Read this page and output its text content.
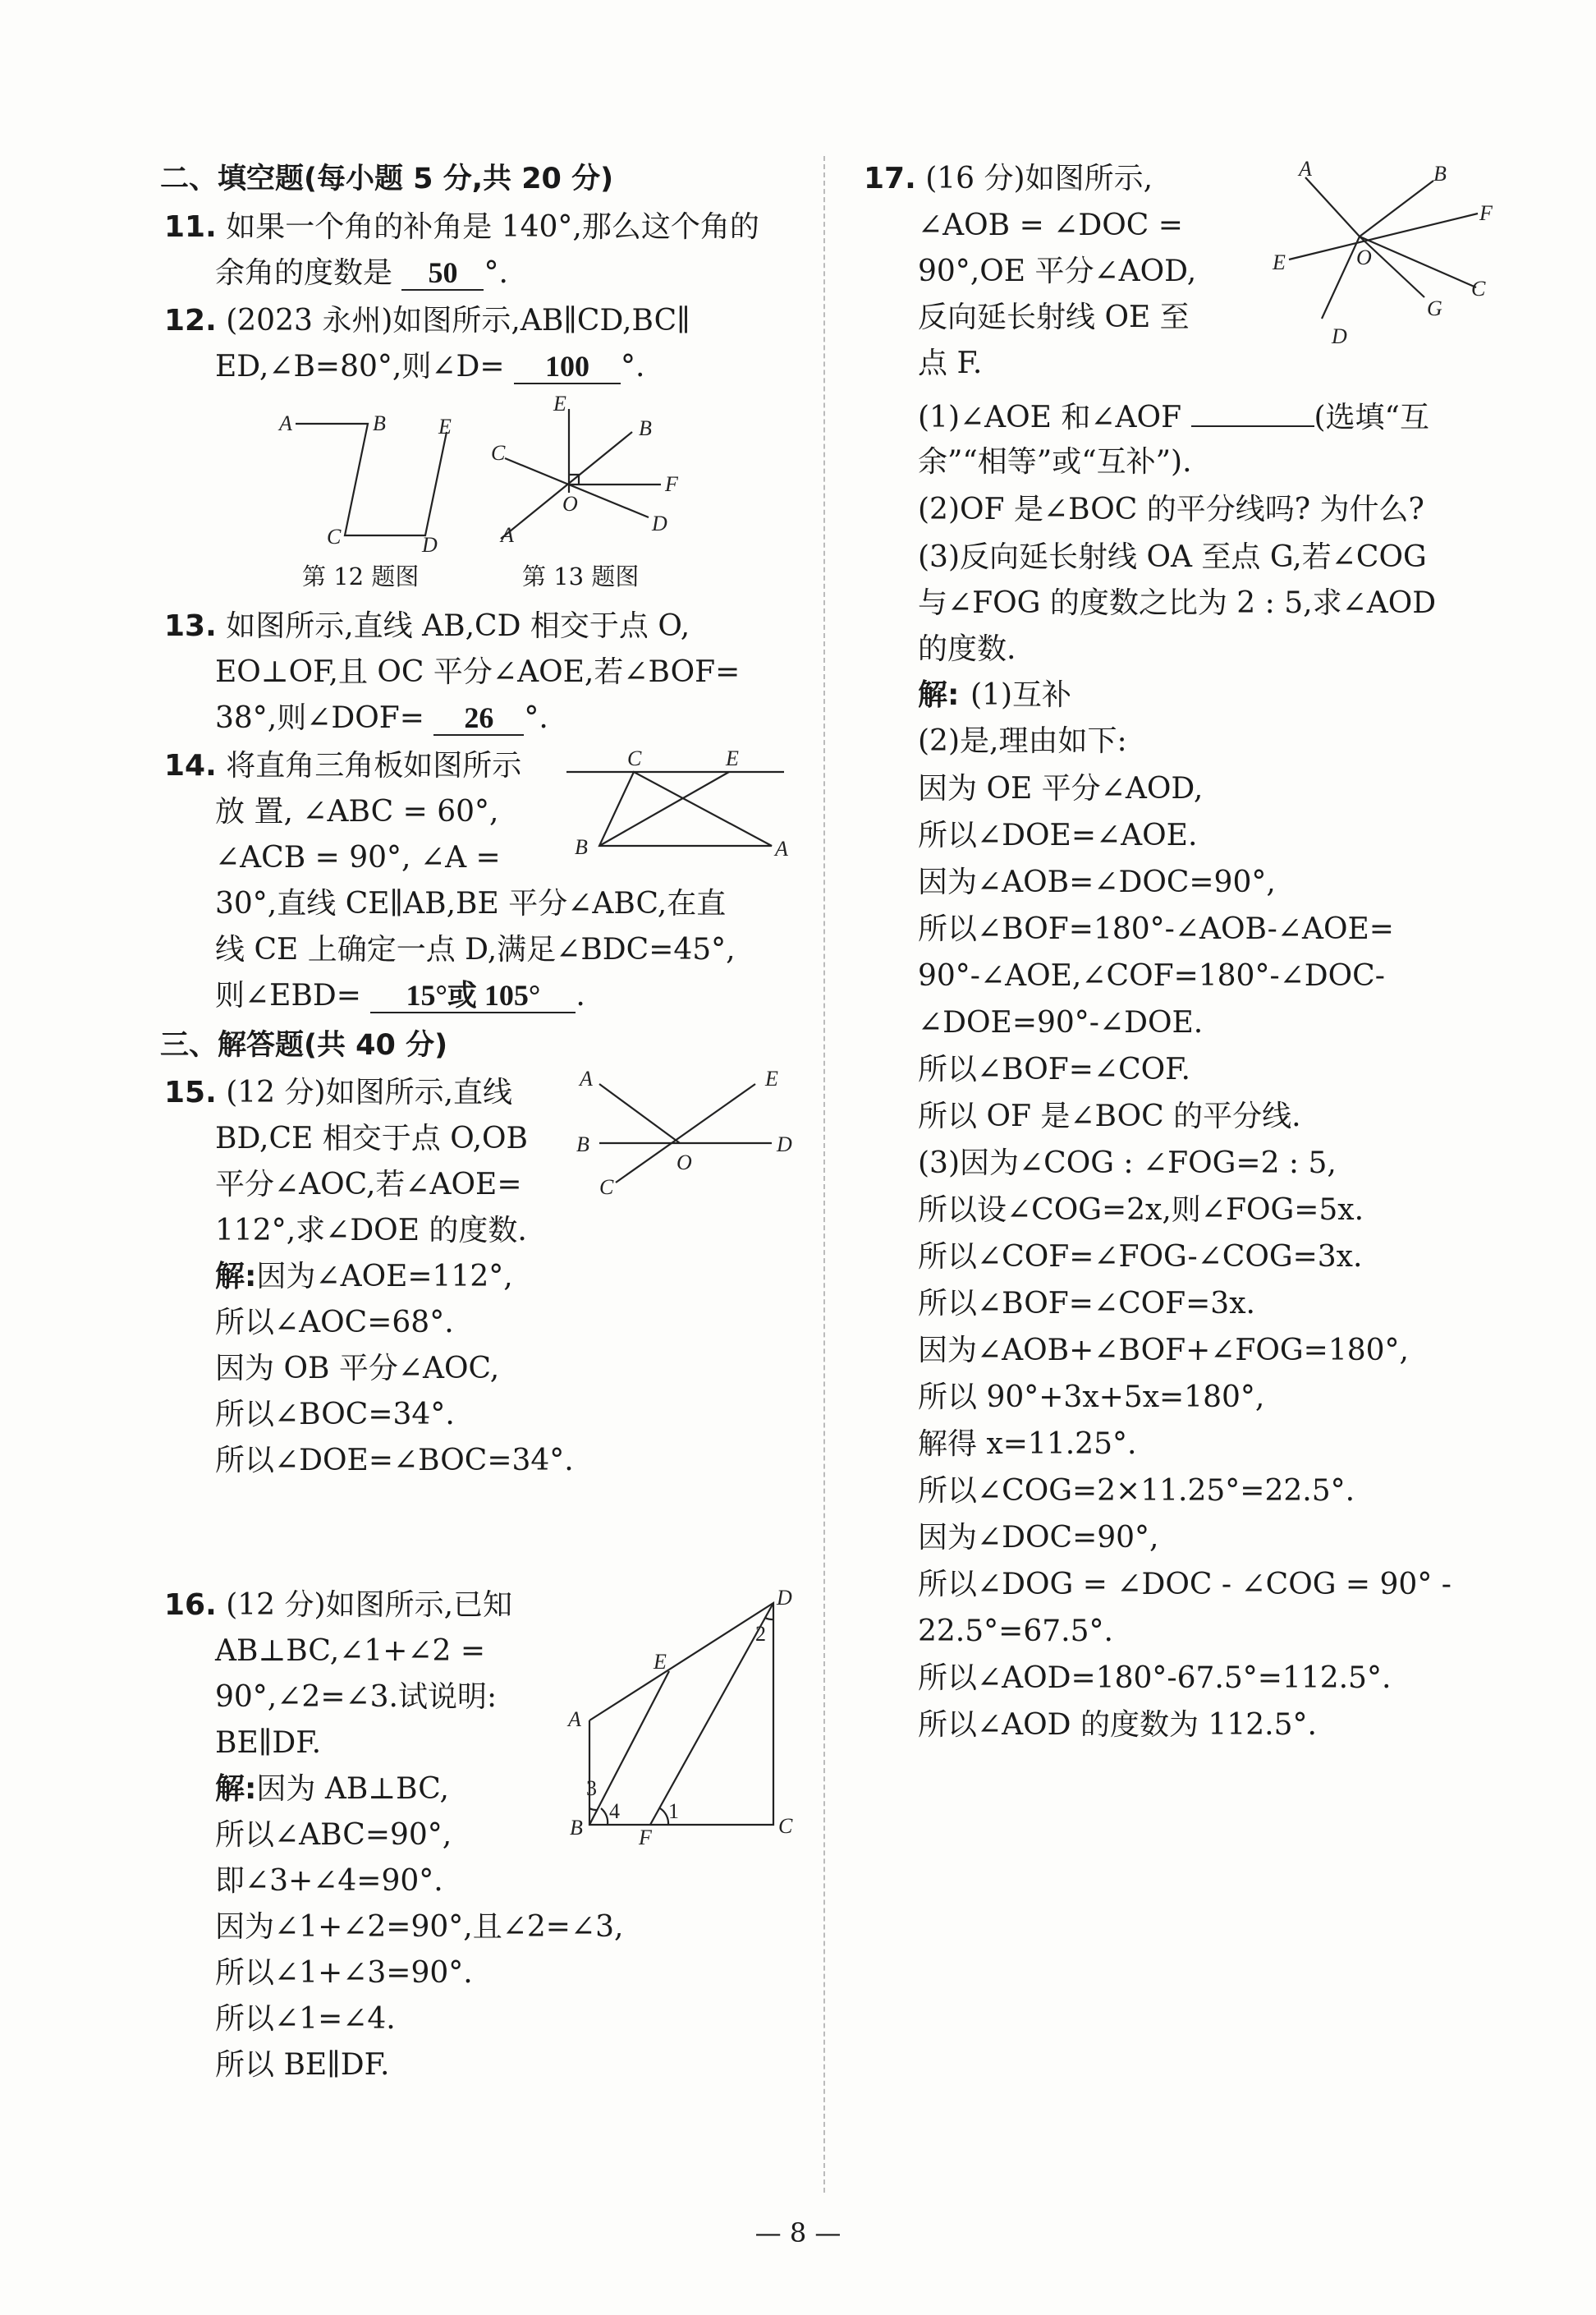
二、填空题(每小题 5 分,共 20 分)
11. 如果一个角的补角是 140°,那么这个角的
余角的度数是 50 °.
12. (2023 永州)如图所示,AB∥CD,BC∥
ED,∠B=80°,则∠D= 100 °.
A	B
C	D
E
第 12 题图
E
B
C
F
O
A	D
第 13 题图
13. 如图所示,直线 AB,CD 相交于点 O,
EO⊥OF,且 OC 平分∠AOE,若∠BOF=
38°,则∠DOF= 26 °.
14. 将直角三角板如图所示
放 置, ∠ABC = 60°,
∠ACB = 90°, ∠A =
30°,直线 CE∥AB,BE 平分∠ABC,在直
线 CE 上确定一点 D,满足∠BDC=45°,
则∠EBD= 15°或 105° .
C	E
B	A
三、解答题(共 40 分)
15. (12 分)如图所示,直线
BD,CE 相交于点 O,OB
平分∠AOC,若∠AOE=
112°,求∠DOE 的度数.
解:因为∠AOE=112°,
所以∠AOC=68°.
因为 OB 平分∠AOC,
所以∠BOC=34°.
所以∠DOE=∠BOC=34°.
A	E
B	D
O
C
16. (12 分)如图所示,已知
AB⊥BC,∠1+∠2 =
90°,∠2=∠3.试说明:
BE∥DF.
解:因为 AB⊥BC,
所以∠ABC=90°,
即∠3+∠4=90°.
因为∠1+∠2=90°,且∠2=∠3,
所以∠1+∠3=90°.
所以∠1=∠4.
所以 BE∥DF.
D
E
2
A
3
4 1
B	F	C
17. (16 分)如图所示,
∠AOB = ∠DOC =
90°,OE 平分∠AOD,
反向延长射线 OE 至
点 F.
A	B
F
E	O
C
G
D
(1)∠AOE 和∠AOF	(选填“互
余”“相等”或“互补”).
(2)OF 是∠BOC 的平分线吗? 为什么?
(3)反向延长射线 OA 至点 G,若∠COG
与∠FOG 的度数之比为 2 : 5,求∠AOD
的度数.
解:
(2)是,理由如下:
(1)互补
因为 OE 平分∠AOD,
所以∠DOE=∠AOE.
因为∠AOB=∠DOC=90°,
所以∠BOF=180°-∠AOB-∠AOE=
90°-∠AOE,∠COF=180°-∠DOC-
∠DOE=90°-∠DOE.
所以∠BOF=∠COF.
所以 OF 是∠BOC 的平分线.
(3)因为∠COG : ∠FOG=2 : 5,
所以设∠COG=2x,则∠FOG=5x.
所以∠COF=∠FOG-∠COG=3x.
所以∠BOF=∠COF=3x.
因为∠AOB+∠BOF+∠FOG=180°,
所以 90°+3x+5x=180°,
解得 x=11.25°.
所以∠COG=2×11.25°=22.5°.
因为∠DOC=90°,
所以∠DOG = ∠DOC - ∠COG = 90° -
22.5°=67.5°.
所以∠AOD=180°-67.5°=112.5°.
所以∠AOD 的度数为 112.5°.
— 8 —
